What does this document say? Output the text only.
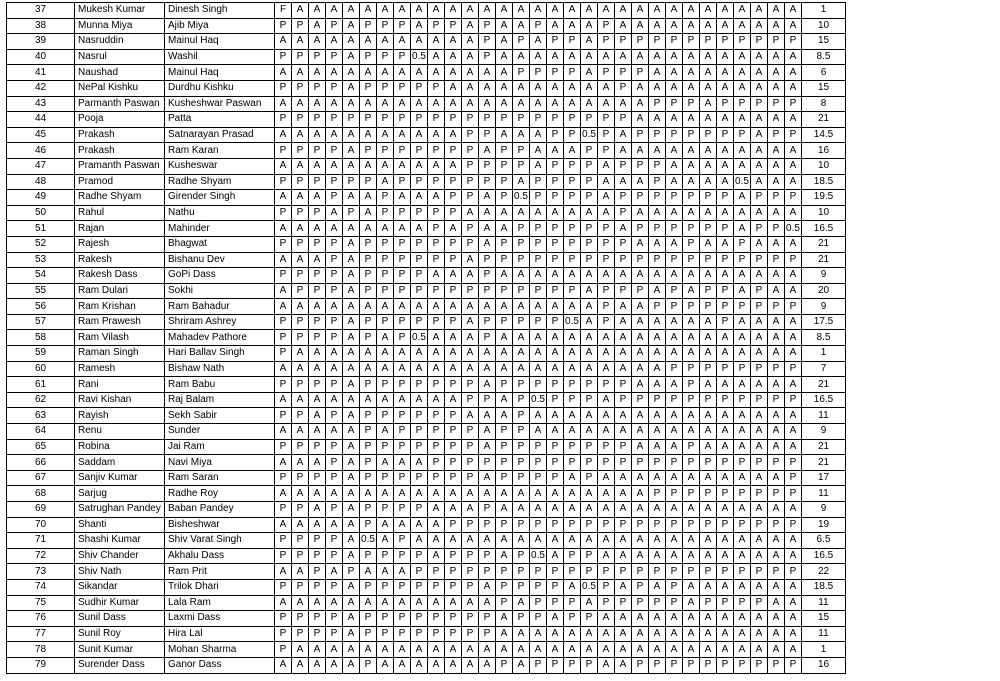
37	Mukesh Kumar	Dinesh Singh	F	A	A	A	A	A	A	A	A	A	A	A	A	A	A	A	A	A	A	A	A	A	A	A	A	A	A	A	A	A	A	1
38	Munna Miya	Ajib Miya	P	P	A	P	A	P	P	P	A	P	P	A	P	A	A	P	A	A	A	P	A	A	A	A	A	A	A	A	A	A	A	10
39	Nasruddin	Mainul Haq	A	A	A	A	A	A	A	A	A	A	A	A	P	A	P	A	P	P	A	P	P	P	P	P	P	P	P	P	P	P	P	15
40	Nasrul	Washil	P	P	P	P	A	P	P	P	0.5	A	A	A	P	A	A	A	A	A	A	A	A	A	A	A	A	A	A	A	A	A	A	8.5
41	Naushad	Mainul Haq	A	A	A	A	A	A	A	A	A	A	A	A	A	A	P	P	P	P	A	P	P	P	A	A	A	A	A	A	A	A	A	6
42	NePal Kishku	Durdhu Kishku	P	P	P	P	A	P	P	P	P	P	A	A	A	A	A	A	A	A	A	A	P	A	A	A	A	A	A	A	A	A	A	15
43	Parmanth Paswan	Kusheshwar Paswan	A	A	A	A	A	A	A	A	A	A	A	A	A	A	A	A	A	A	A	A	A	A	P	P	P	A	P	P	P	P	P	8
44	Pooja	Patta	P	P	P	P	P	P	P	P	P	P	P	P	P	P	P	P	P	P	P	P	P	A	A	A	A	A	A	A	A	A	A	21
45	Prakash	Satnarayan Prasad	A	A	A	A	A	A	A	A	A	A	A	P	P	A	A	A	P	P	0.5	P	A	P	P	P	P	P	P	P	A	P	P	14.5
46	Prakash	Ram Karan	P	P	P	P	A	P	P	P	P	P	P	P	A	P	P	A	A	A	P	P	A	A	A	A	A	A	A	A	A	A	A	16
47	Pramanth Paswan	Kusheswar	A	A	A	A	A	A	A	A	A	A	A	P	P	P	P	A	P	P	P	A	P	P	P	A	A	A	A	A	A	A	A	10
48	Pramod	Radhe Shyam	P	P	P	P	P	P	A	P	P	P	P	P	P	P	A	P	P	P	P	A	A	A	P	A	A	A	A	0.5	A	A	A	18.5
49	Radhe Shyam	Girender Singh	A	A	A	P	A	A	P	A	A	A	P	P	A	P	0.5	P	P	P	P	A	P	P	P	P	P	P	P	A	P	P	P	19.5
50	Rahul	Nathu	P	P	P	A	P	A	P	P	P	P	P	A	A	A	A	A	A	A	A	A	P	A	A	A	A	A	A	A	A	A	A	10
51	Rajan	Mahinder	A	A	A	A	A	A	A	A	A	P	A	P	A	A	P	P	P	P	P	P	A	P	P	P	P	P	P	A	P	P	0.5	16.5
52	Rajesh	Bhagwat	P	P	P	P	A	P	P	P	P	P	P	P	A	P	P	P	P	P	P	P	P	A	A	A	P	A	A	P	A	A	A	21
53	Rakesh	Bishanu Dev	A	A	A	P	A	P	P	P	P	P	P	A	P	P	P	P	P	P	P	P	P	P	P	P	P	P	P	P	P	P	P	21
54	Rakesh Dass	GoPi Dass	P	P	P	P	A	P	P	P	P	A	A	A	P	A	A	A	A	A	A	A	A	A	A	A	A	A	A	A	A	A	A	9
55	Ram Dulari	Sokhi	A	P	P	P	A	P	P	P	P	P	P	P	P	P	P	P	P	P	A	P	P	P	A	P	A	P	P	A	P	A	A	20
56	Ram Krishan	Ram Bahadur	A	A	A	A	A	A	A	A	A	A	A	A	A	A	A	A	A	A	A	P	A	A	P	P	P	P	P	P	P	P	P	9
57	Ram Prawesh	Shriram Ashrey	P	P	P	P	A	P	P	P	P	P	P	A	P	P	P	P	P	0.5	A	P	A	A	A	A	A	A	P	A	A	A	A	17.5
58	Ram Vilash	Mahadev Pathore	P	P	P	P	A	P	A	P	0.5	A	A	A	P	A	A	A	A	A	A	A	A	A	A	A	A	A	A	A	A	A	A	8.5
59	Raman Singh	Hari Ballav Singh	P	A	A	A	A	A	A	A	A	A	A	A	A	A	A	A	A	A	A	A	A	A	A	A	A	A	A	A	A	A	A	1
60	Ramesh	Bishaw Nath	A	A	A	A	A	A	A	A	A	A	A	A	A	A	A	A	A	A	A	A	A	A	A	P	P	P	P	P	P	P	P	7
61	Rani	Ram Babu	P	P	P	P	A	P	P	P	P	P	P	P	A	P	P	P	P	P	P	P	P	A	A	A	P	A	A	A	A	A	A	21
62	Ravi Kishan	Raj Balam	A	A	A	A	A	A	A	A	A	A	A	P	P	A	P	0.5	P	P	P	A	P	P	P	P	P	P	P	P	P	P	P	16.5
63	Rayish	Sekh Sabir	P	P	A	P	A	P	P	P	P	P	P	A	A	A	P	A	A	A	A	A	A	A	A	A	A	A	A	A	A	A	A	11
64	Renu	Sunder	A	A	A	A	A	P	A	P	P	P	P	P	A	P	P	A	A	A	A	A	A	A	A	A	A	A	A	A	A	A	A	9
65	Robina	Jai Ram	P	P	P	P	A	P	P	P	P	P	P	P	A	P	P	P	P	P	P	P	P	A	A	A	P	A	A	A	A	A	A	21
66	Saddam	Navi Miya	A	A	A	P	A	P	A	A	A	P	P	P	P	P	P	P	P	P	P	P	P	P	P	P	P	P	P	P	P	P	P	21
67	Sanjiv Kumar	Ram Saran	P	P	P	P	A	P	P	P	P	P	P	P	A	P	P	P	P	A	P	A	A	A	A	A	A	A	A	A	A	A	P	17
68	Sarjug	Radhe Roy	A	A	A	A	A	A	A	A	A	A	A	A	A	A	A	A	A	A	A	A	A	A	P	P	P	P	P	P	P	P	P	11
69	Satrughan Pandey	Baban Pandey	P	P	A	P	A	P	P	P	P	A	A	A	P	A	A	A	A	A	A	A	A	A	A	A	A	A	A	A	A	A	A	9
70	Shanti	Bisheshwar	A	A	A	A	A	P	A	A	A	A	P	P	P	P	P	P	P	P	P	P	P	P	P	P	P	P	P	P	P	P	P	19
71	Shashi Kumar	Shiv Varat Singh	P	P	P	P	A	0.5	A	P	A	A	A	A	A	A	A	A	A	A	A	A	A	A	A	A	A	A	A	A	A	A	A	6.5
72	Shiv Chander	Akhalu Dass	P	P	P	P	A	P	P	P	P	A	P	P	P	A	P	0.5	A	P	P	A	A	A	A	A	A	A	A	A	A	A	A	16.5
73	Shiv Nath	Ram Prit	A	A	P	A	P	A	A	A	P	P	P	P	P	P	P	P	P	P	P	P	P	P	P	P	P	P	P	P	P	P	P	22
74	Sikandar	Trilok Dhari	P	P	P	P	A	P	P	P	P	P	P	P	A	P	P	P	P	A	0.5	P	A	P	A	P	A	A	A	A	A	A	A	18.5
75	Sudhir Kumar	Lala Ram	A	A	A	A	A	A	A	A	A	A	A	A	A	P	A	P	P	P	A	P	P	P	P	P	A	P	P	P	P	A	A	11
76	Sunil Dass	Laxmi Dass	P	P	P	P	A	P	P	P	P	P	P	P	P	A	P	P	A	P	P	A	A	A	A	A	A	A	A	A	A	A	A	15
77	Sunil Roy	Hira Lal	P	P	P	P	A	P	P	P	P	P	P	P	P	A	A	A	A	A	A	A	A	A	A	A	A	A	A	A	A	A	A	11
78	Sunit Kumar	Mohan Sharma	P	A	A	A	A	A	A	A	A	A	A	A	A	A	A	A	A	A	A	A	A	A	A	A	A	A	A	A	A	A	A	1
79	Surender Dass	Ganor Dass	A	A	A	A	A	P	A	A	A	A	A	A	A	P	A	P	P	P	P	A	A	P	P	P	P	P	P	P	P	P	P	16
